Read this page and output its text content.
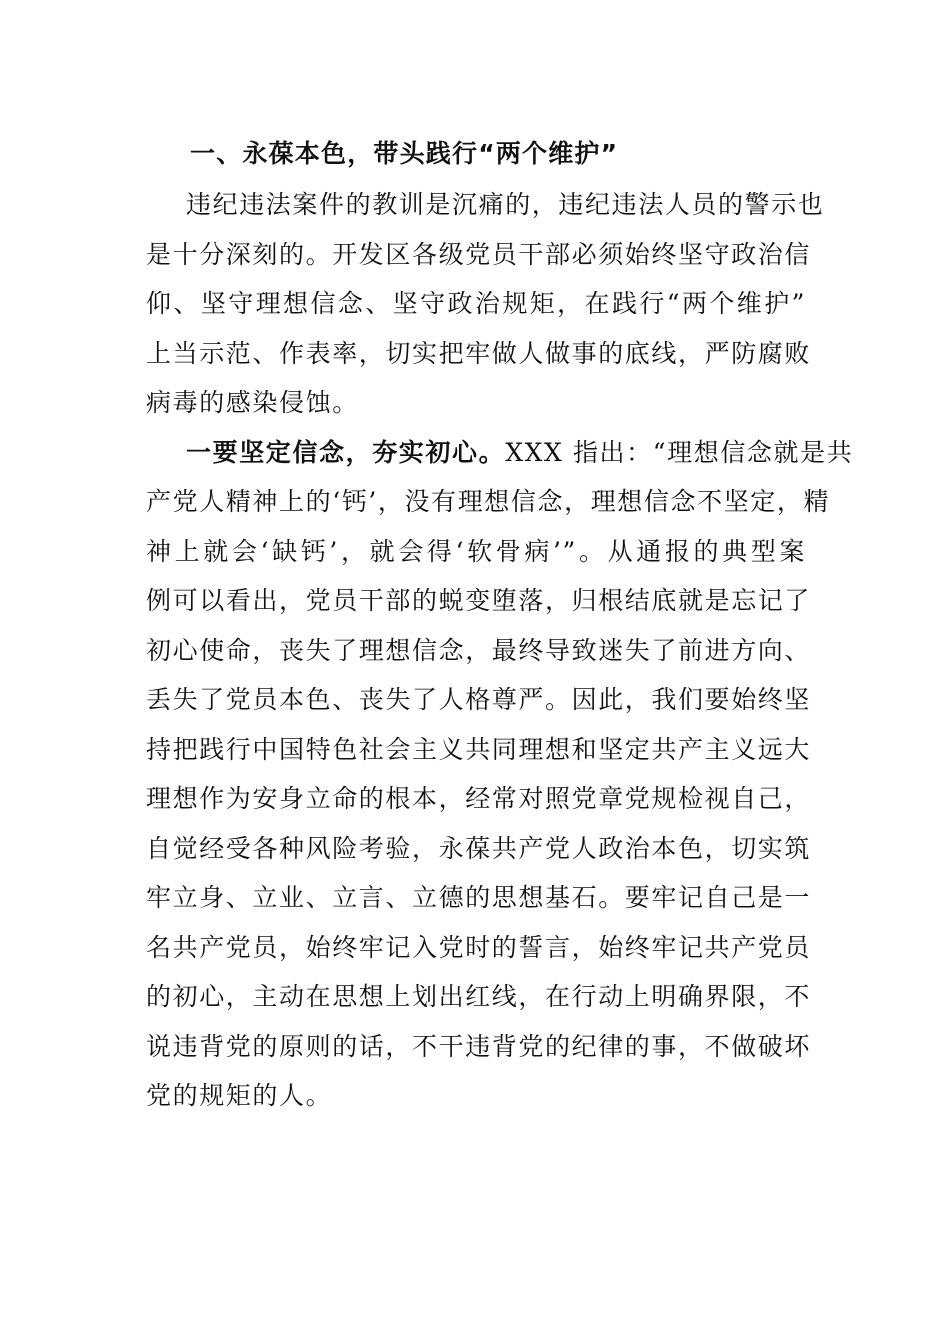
一、永葆本色，带头践行“两个维护”
违纪违法案件的教训是沉痛的，违纪违法人员的警示也
是十分深刻的。开发区各级党员干部必须始终坚守政治信
仰、坚守理想信念、坚守政治规矩，在践行“两个维护”
上当示范、作表率，切实把牢做人做事的底线，严防腐败
病毒的感染侵蚀。
一要坚定信念，夯实初心。XXX 指出：“理想信念就是共
产党人精神上的‘钙’，没有理想信念，理想信念不坚定，精
神上就会‘缺钙’，就会得‘软骨病’”。从通报的典型案
例可以看出，党员干部的蜕变堕落，归根结底就是忘记了
初心使命，丧失了理想信念，最终导致迷失了前进方向、
丢失了党员本色、丧失了人格尊严。因此，我们要始终坚
持把践行中国特色社会主义共同理想和坚定共产主义远大
理想作为安身立命的根本，经常对照党章党规检视自己，
自觉经受各种风险考验，永葆共产党人政治本色，切实筑
牢立身、立业、立言、立德的思想基石。要牢记自己是一
名共产党员，始终牢记入党时的誓言，始终牢记共产党员
的初心，主动在思想上划出红线，在行动上明确界限，不
说违背党的原则的话，不干违背党的纪律的事，不做破坏
党的规矩的人。
